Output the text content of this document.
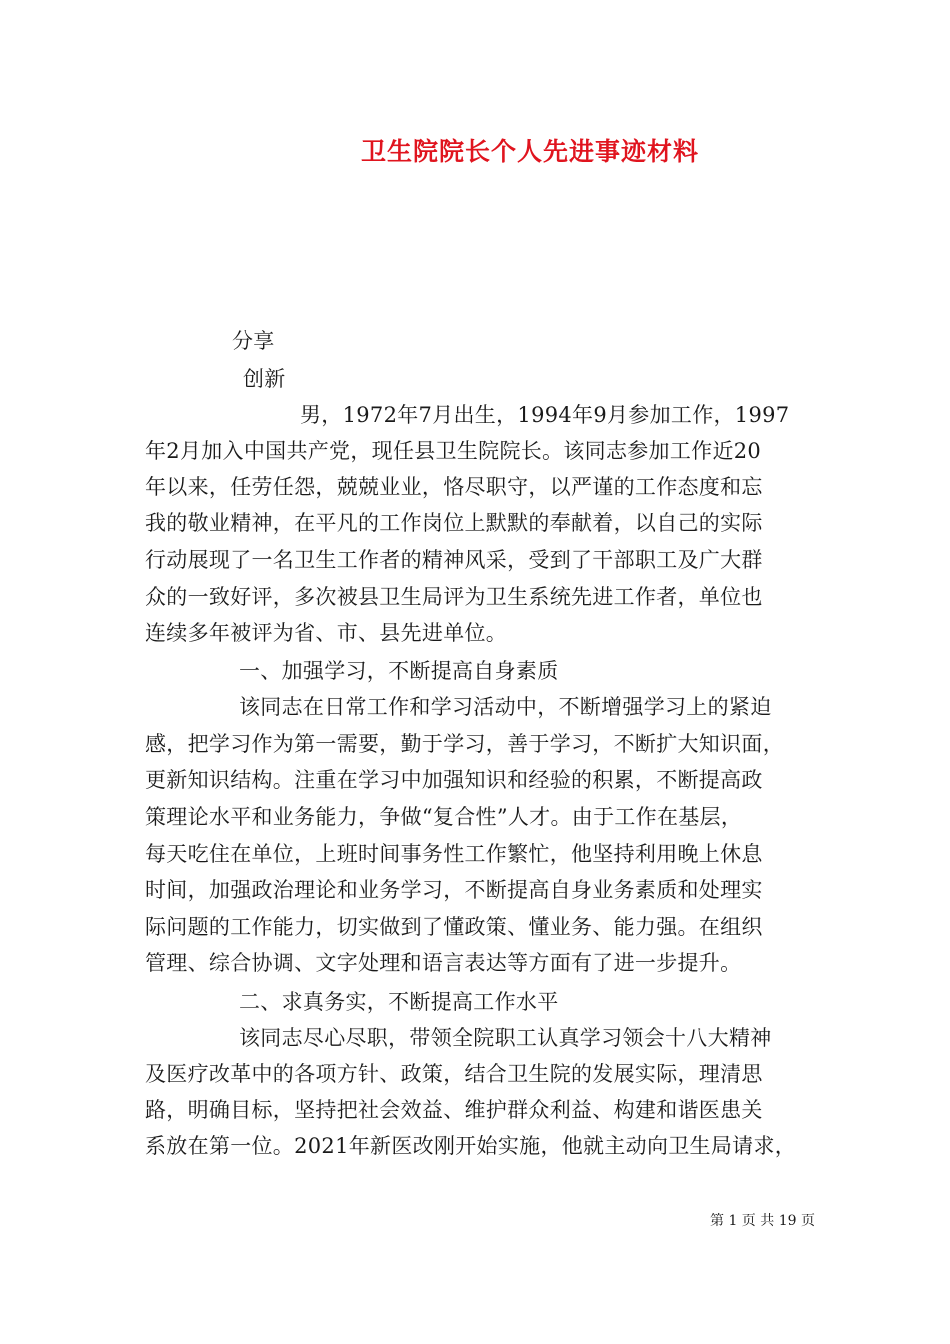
卫生院院长个人先进事迹材料
分享
创新
男，1972年7月出生，1994年9月参加工作，1997
年2月加入中国共产党，现任县卫生院院长。该同志参加工作近20
年以来，任劳任怨，兢兢业业，恪尽职守，以严谨的工作态度和忘
我的敬业精神，在平凡的工作岗位上默默的奉献着，以自己的实际
行动展现了一名卫生工作者的精神风采，受到了干部职工及广大群
众的一致好评，多次被县卫生局评为卫生系统先进工作者，单位也
连续多年被评为省、市、县先进单位。
一、加强学习，不断提高自身素质
该同志在日常工作和学习活动中，不断增强学习上的紧迫
感，把学习作为第一需要，勤于学习，善于学习，不断扩大知识面，
更新知识结构。注重在学习中加强知识和经验的积累，不断提高政
策理论水平和业务能力，争做“复合性”人才。由于工作在基层，
每天吃住在单位，上班时间事务性工作繁忙，他坚持利用晚上休息
时间，加强政治理论和业务学习，不断提高自身业务素质和处理实
际问题的工作能力，切实做到了懂政策、懂业务、能力强。在组织
管理、综合协调、文字处理和语言表达等方面有了进一步提升。
二、求真务实，不断提高工作水平
该同志尽心尽职，带领全院职工认真学习领会十八大精神
及医疗改革中的各项方针、政策，结合卫生院的发展实际，理清思
路，明确目标，坚持把社会效益、维护群众利益、构建和谐医患关
系放在第一位。2021年新医改刚开始实施，他就主动向卫生局请求，
第 1 页 共 19 页
